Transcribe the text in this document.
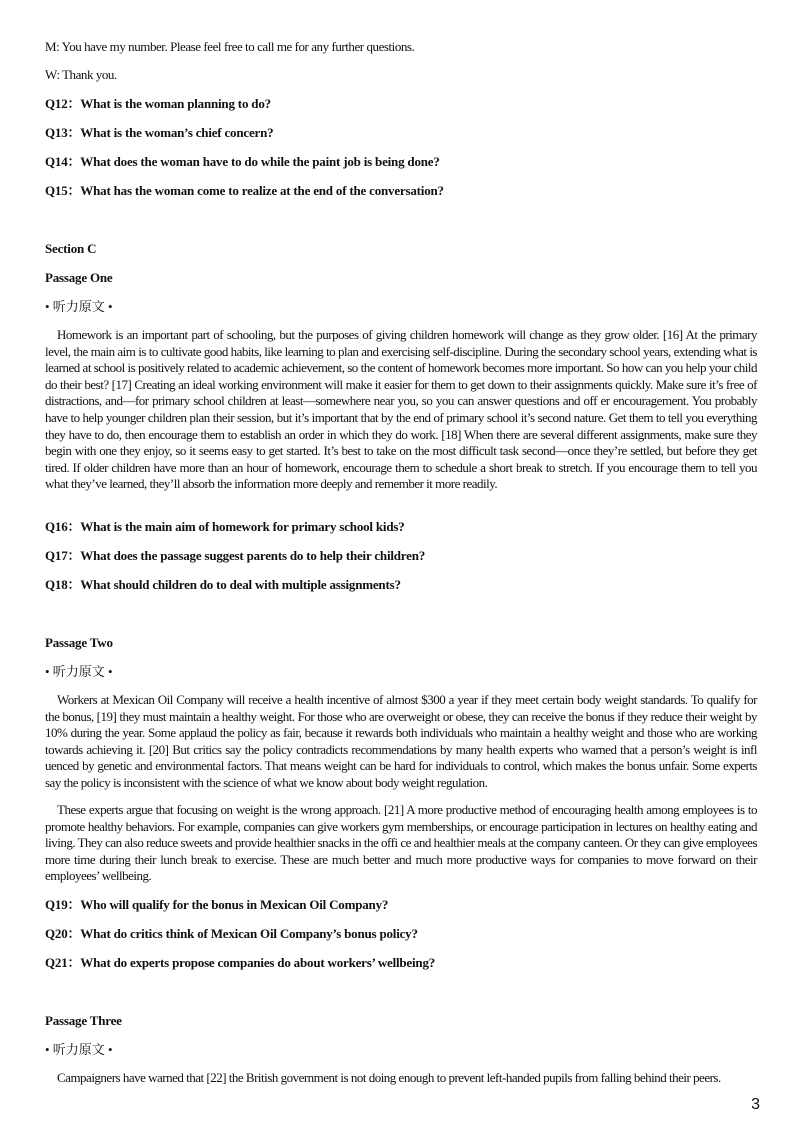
M: You have my number. Please feel free to call me for any further questions.
W: Thank you.
Q12：What is the woman planning to do?
Q13：What is the woman’s chief concern?
Q14：What does the woman have to do while the paint job is being done?
Q15：What has the woman come to realize at the end of the conversation?
Section C
Passage One
• 听力原文 •

Homework is an important part of schooling, but the purposes of giving children homework will change as they grow older. [16] At the primary level, the main aim is to cultivate good habits, like learning to plan and exercising self-discipline. During the secondary school years, extending what is learned at school is positively related to academic achievement, so the content of homework becomes more important. So how can you help your child do their best? [17] Creating an ideal working environment will make it easier for them to get down to their assignments quickly. Make sure it’s free of distractions, and—for primary school children at least—somewhere near you, so you can answer questions and off er encouragement. You probably have to help younger children plan their session, but it’s important that by the end of primary school it’s second nature. Get them to tell you everything they have to do, then encourage them to establish an order in which they do work. [18] When there are several different assignments, make sure they begin with one they enjoy, so it seems easy to get started. It’s best to take on the most difficult task second—once they’re settled, but before they get tired. If older children have more than an hour of homework, encourage them to schedule a short break to stretch. If you encourage them to tell you what they’ve learned, they’ll absorb the information more deeply and remember it more readily.

Q16：What is the main aim of homework for primary school kids?
Q17：What does the passage suggest parents do to help their children?
Q18：What should children do to deal with multiple assignments?
Passage Two
• 听力原文 •

Workers at Mexican Oil Company will receive a health incentive of almost $300 a year if they meet certain body weight standards. To qualify for the bonus, [19] they must maintain a healthy weight. For those who are overweight or obese, they can receive the bonus if they reduce their weight by 10% during the year. Some applaud the policy as fair, because it rewards both individuals who maintain a healthy weight and those who are working towards achieving it. [20] But critics say the policy contradicts recommendations by many health experts who warned that a person’s weight is infl uenced by genetic and environmental factors. That means weight can be hard for individuals to control, which makes the bonus unfair. Some experts say the policy is inconsistent with the science of what we know about body weight regulation.

These experts argue that focusing on weight is the wrong approach. [21] A more productive method of encouraging health among employees is to promote healthy behaviors. For example, companies can give workers gym memberships, or encourage participation in lectures on healthy eating and living. They can also reduce sweets and provide healthier snacks in the offi ce and healthier meals at the company canteen. Or they can give employees more time during their lunch break to exercise. These are much better and much more productive ways for companies to move forward on their employees’ wellbeing.

Q19：Who will qualify for the bonus in Mexican Oil Company?
Q20：What do critics think of Mexican Oil Company’s bonus policy?
Q21：What do experts propose companies do about workers’ wellbeing?
Passage Three
• 听力原文 •

Campaigners have warned that [22] the British government is not doing enough to prevent left-handed pupils from falling behind their peers.

3
